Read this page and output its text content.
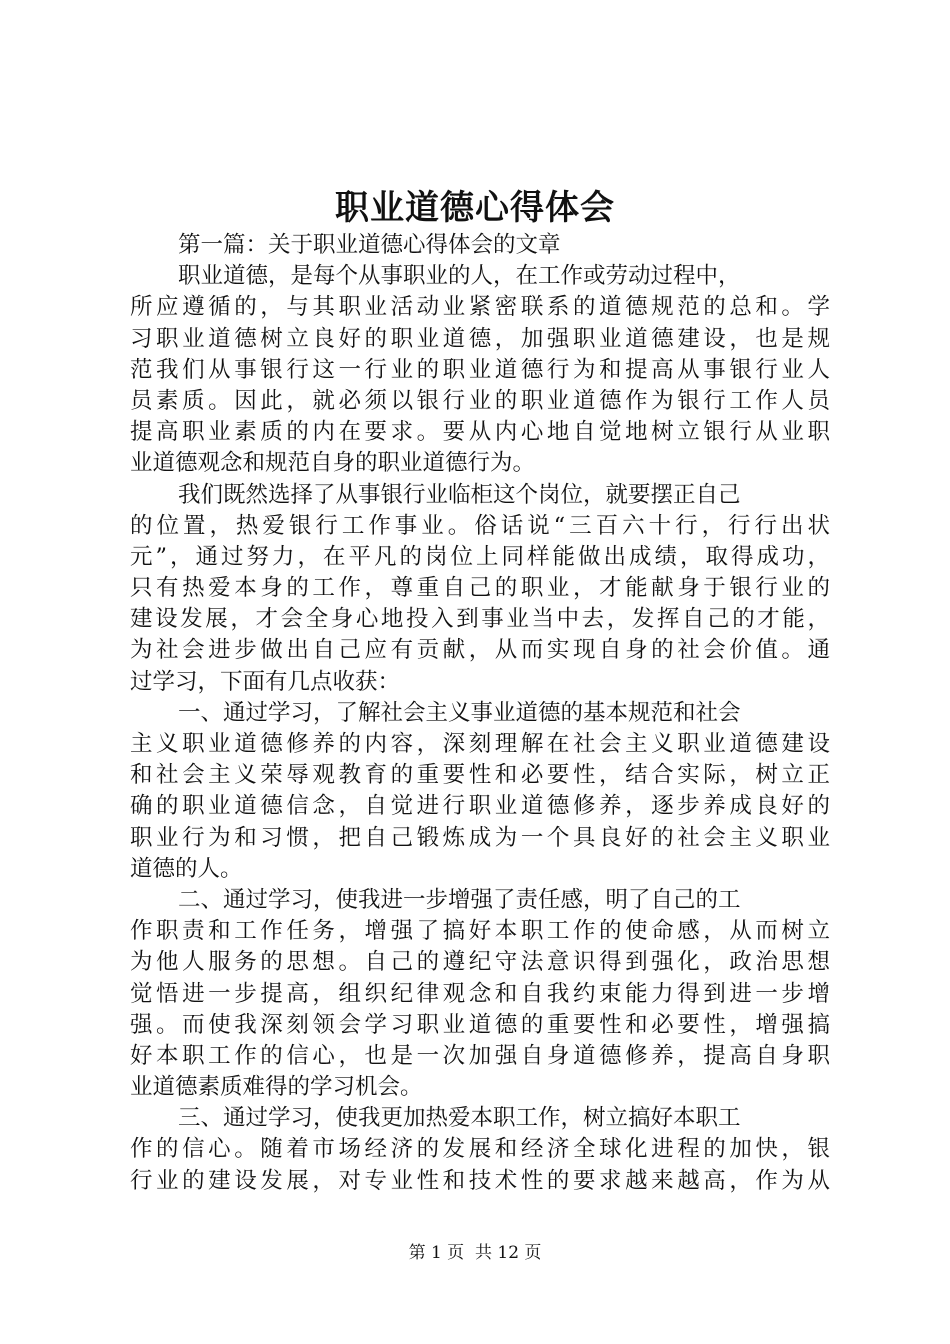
职业道德心得体会
第一篇：关于职业道德心得体会的文章
职业道德，是每个从事职业的人，在工作或劳动过程中，
所应遵循的，与其职业活动业紧密联系的道德规范的总和。学
习职业道德树立良好的职业道德，加强职业道德建设，也是规
范我们从事银行这一行业的职业道德行为和提高从事银行业人
员素质。因此，就必须以银行业的职业道德作为银行工作人员
提高职业素质的内在要求。要从内心地自觉地树立银行从业职
业道德观念和规范自身的职业道德行为。
我们既然选择了从事银行业临柜这个岗位，就要摆正自己
的位置，热爱银行工作事业。俗话说“三百六十行，行行出状
元”，通过努力，在平凡的岗位上同样能做出成绩，取得成功，
只有热爱本身的工作，尊重自己的职业，才能献身于银行业的
建设发展，才会全身心地投入到事业当中去，发挥自己的才能，
为社会进步做出自己应有贡献，从而实现自身的社会价值。通
过学习，下面有几点收获：
一、通过学习，了解社会主义事业道德的基本规范和社会
主义职业道德修养的内容，深刻理解在社会主义职业道德建设
和社会主义荣辱观教育的重要性和必要性，结合实际，树立正
确的职业道德信念，自觉进行职业道德修养，逐步养成良好的
职业行为和习惯，把自己锻炼成为一个具良好的社会主义职业
道德的人。
二、通过学习，使我进一步增强了责任感，明了自己的工
作职责和工作任务，增强了搞好本职工作的使命感，从而树立
为他人服务的思想。自己的遵纪守法意识得到强化，政治思想
觉悟进一步提高，组织纪律观念和自我约束能力得到进一步增
强。而使我深刻领会学习职业道德的重要性和必要性，增强搞
好本职工作的信心，也是一次加强自身道德修养，提高自身职
业道德素质难得的学习机会。
三、通过学习，使我更加热爱本职工作，树立搞好本职工
作的信心。随着市场经济的发展和经济全球化进程的加快，银
行业的建设发展，对专业性和技术性的要求越来越高，作为从
第 1 页  共 12 页
